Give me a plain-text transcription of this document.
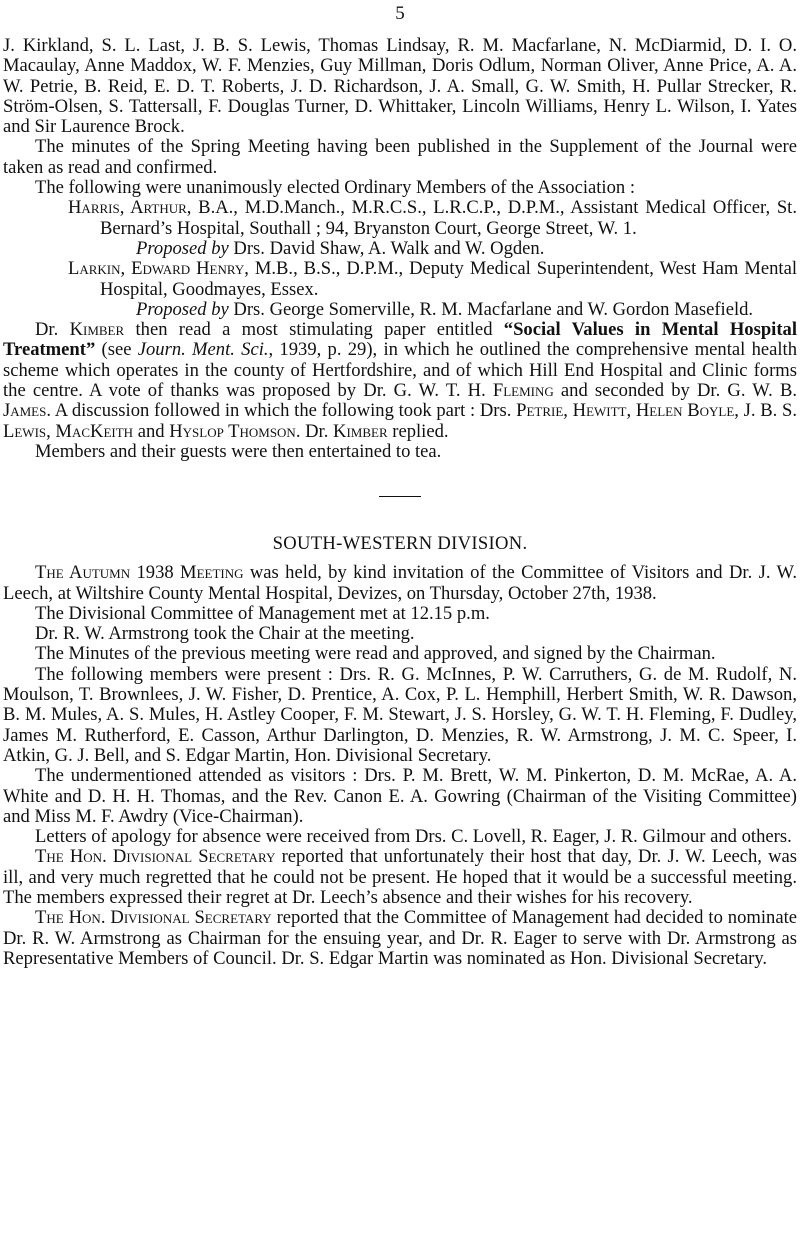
5

J. Kirkland, S. L. Last, J. B. S. Lewis, Thomas Lindsay, R. M. Macfarlane, N. McDiarmid, D. I. O. Macaulay, Anne Maddox, W. F. Menzies, Guy Millman, Doris Odlum, Norman Oliver, Anne Price, A. A. W. Petrie, B. Reid, E. D. T. Roberts, J. D. Richardson, J. A. Small, G. W. Smith, H. Pullar Strecker, R. Ström-Olsen, S. Tattersall, F. Douglas Turner, D. Whittaker, Lincoln Williams, Henry L. Wilson, I. Yates and Sir Laurence Brock.

The minutes of the Spring Meeting having been published in the Supplement of the Journal were taken as read and confirmed.

The following were unanimously elected Ordinary Members of the Association :

Harris, Arthur, B.A., M.D.Manch., M.R.C.S., L.R.C.P., D.P.M., Assistant Medical Officer, St. Bernard’s Hospital, Southall ; 94, Bryanston Court, George Street, W. 1.

Proposed by Drs. David Shaw, A. Walk and W. Ogden.

Larkin, Edward Henry, M.B., B.S., D.P.M., Deputy Medical Superintendent, West Ham Mental Hospital, Goodmayes, Essex.

Proposed by Drs. George Somerville, R. M. Macfarlane and W. Gordon Masefield.

Dr. Kimber then read a most stimulating paper entitled “Social Values in Mental Hospital Treatment” (see Journ. Ment. Sci., 1939, p. 29), in which he outlined the comprehensive mental health scheme which operates in the county of Hertfordshire, and of which Hill End Hospital and Clinic forms the centre. A vote of thanks was proposed by Dr. G. W. T. H. Fleming and seconded by Dr. G. W. B. James. A discussion followed in which the following took part : Drs. Petrie, Hewitt, Helen Boyle, J. B. S. Lewis, MacKeith and Hyslop Thomson. Dr. Kimber replied.

Members and their guests were then entertained to tea.

SOUTH-WESTERN DIVISION.

The Autumn 1938 Meeting was held, by kind invitation of the Committee of Visitors and Dr. J. W. Leech, at Wiltshire County Mental Hospital, Devizes, on Thursday, October 27th, 1938.

The Divisional Committee of Management met at 12.15 p.m.

Dr. R. W. Armstrong took the Chair at the meeting.

The Minutes of the previous meeting were read and approved, and signed by the Chairman.

The following members were present : Drs. R. G. McInnes, P. W. Carruthers, G. de M. Rudolf, N. Moulson, T. Brownlees, J. W. Fisher, D. Prentice, A. Cox, P. L. Hemphill, Herbert Smith, W. R. Dawson, B. M. Mules, A. S. Mules, H. Astley Cooper, F. M. Stewart, J. S. Horsley, G. W. T. H. Fleming, F. Dudley, James M. Rutherford, E. Casson, Arthur Darlington, D. Menzies, R. W. Armstrong, J. M. C. Speer, I. Atkin, G. J. Bell, and S. Edgar Martin, Hon. Divisional Secretary.

The undermentioned attended as visitors : Drs. P. M. Brett, W. M. Pinkerton, D. M. McRae, A. A. White and D. H. H. Thomas, and the Rev. Canon E. A. Gowring (Chairman of the Visiting Committee) and Miss M. F. Awdry (Vice-Chairman).

Letters of apology for absence were received from Drs. C. Lovell, R. Eager, J. R. Gilmour and others.

The Hon. Divisional Secretary reported that unfortunately their host that day, Dr. J. W. Leech, was ill, and very much regretted that he could not be present. He hoped that it would be a successful meeting. The members expressed their regret at Dr. Leech’s absence and their wishes for his recovery.

The Hon. Divisional Secretary reported that the Committee of Management had decided to nominate Dr. R. W. Armstrong as Chairman for the ensuing year, and Dr. R. Eager to serve with Dr. Armstrong as Representative Members of Council. Dr. S. Edgar Martin was nominated as Hon. Divisional Secretary.
